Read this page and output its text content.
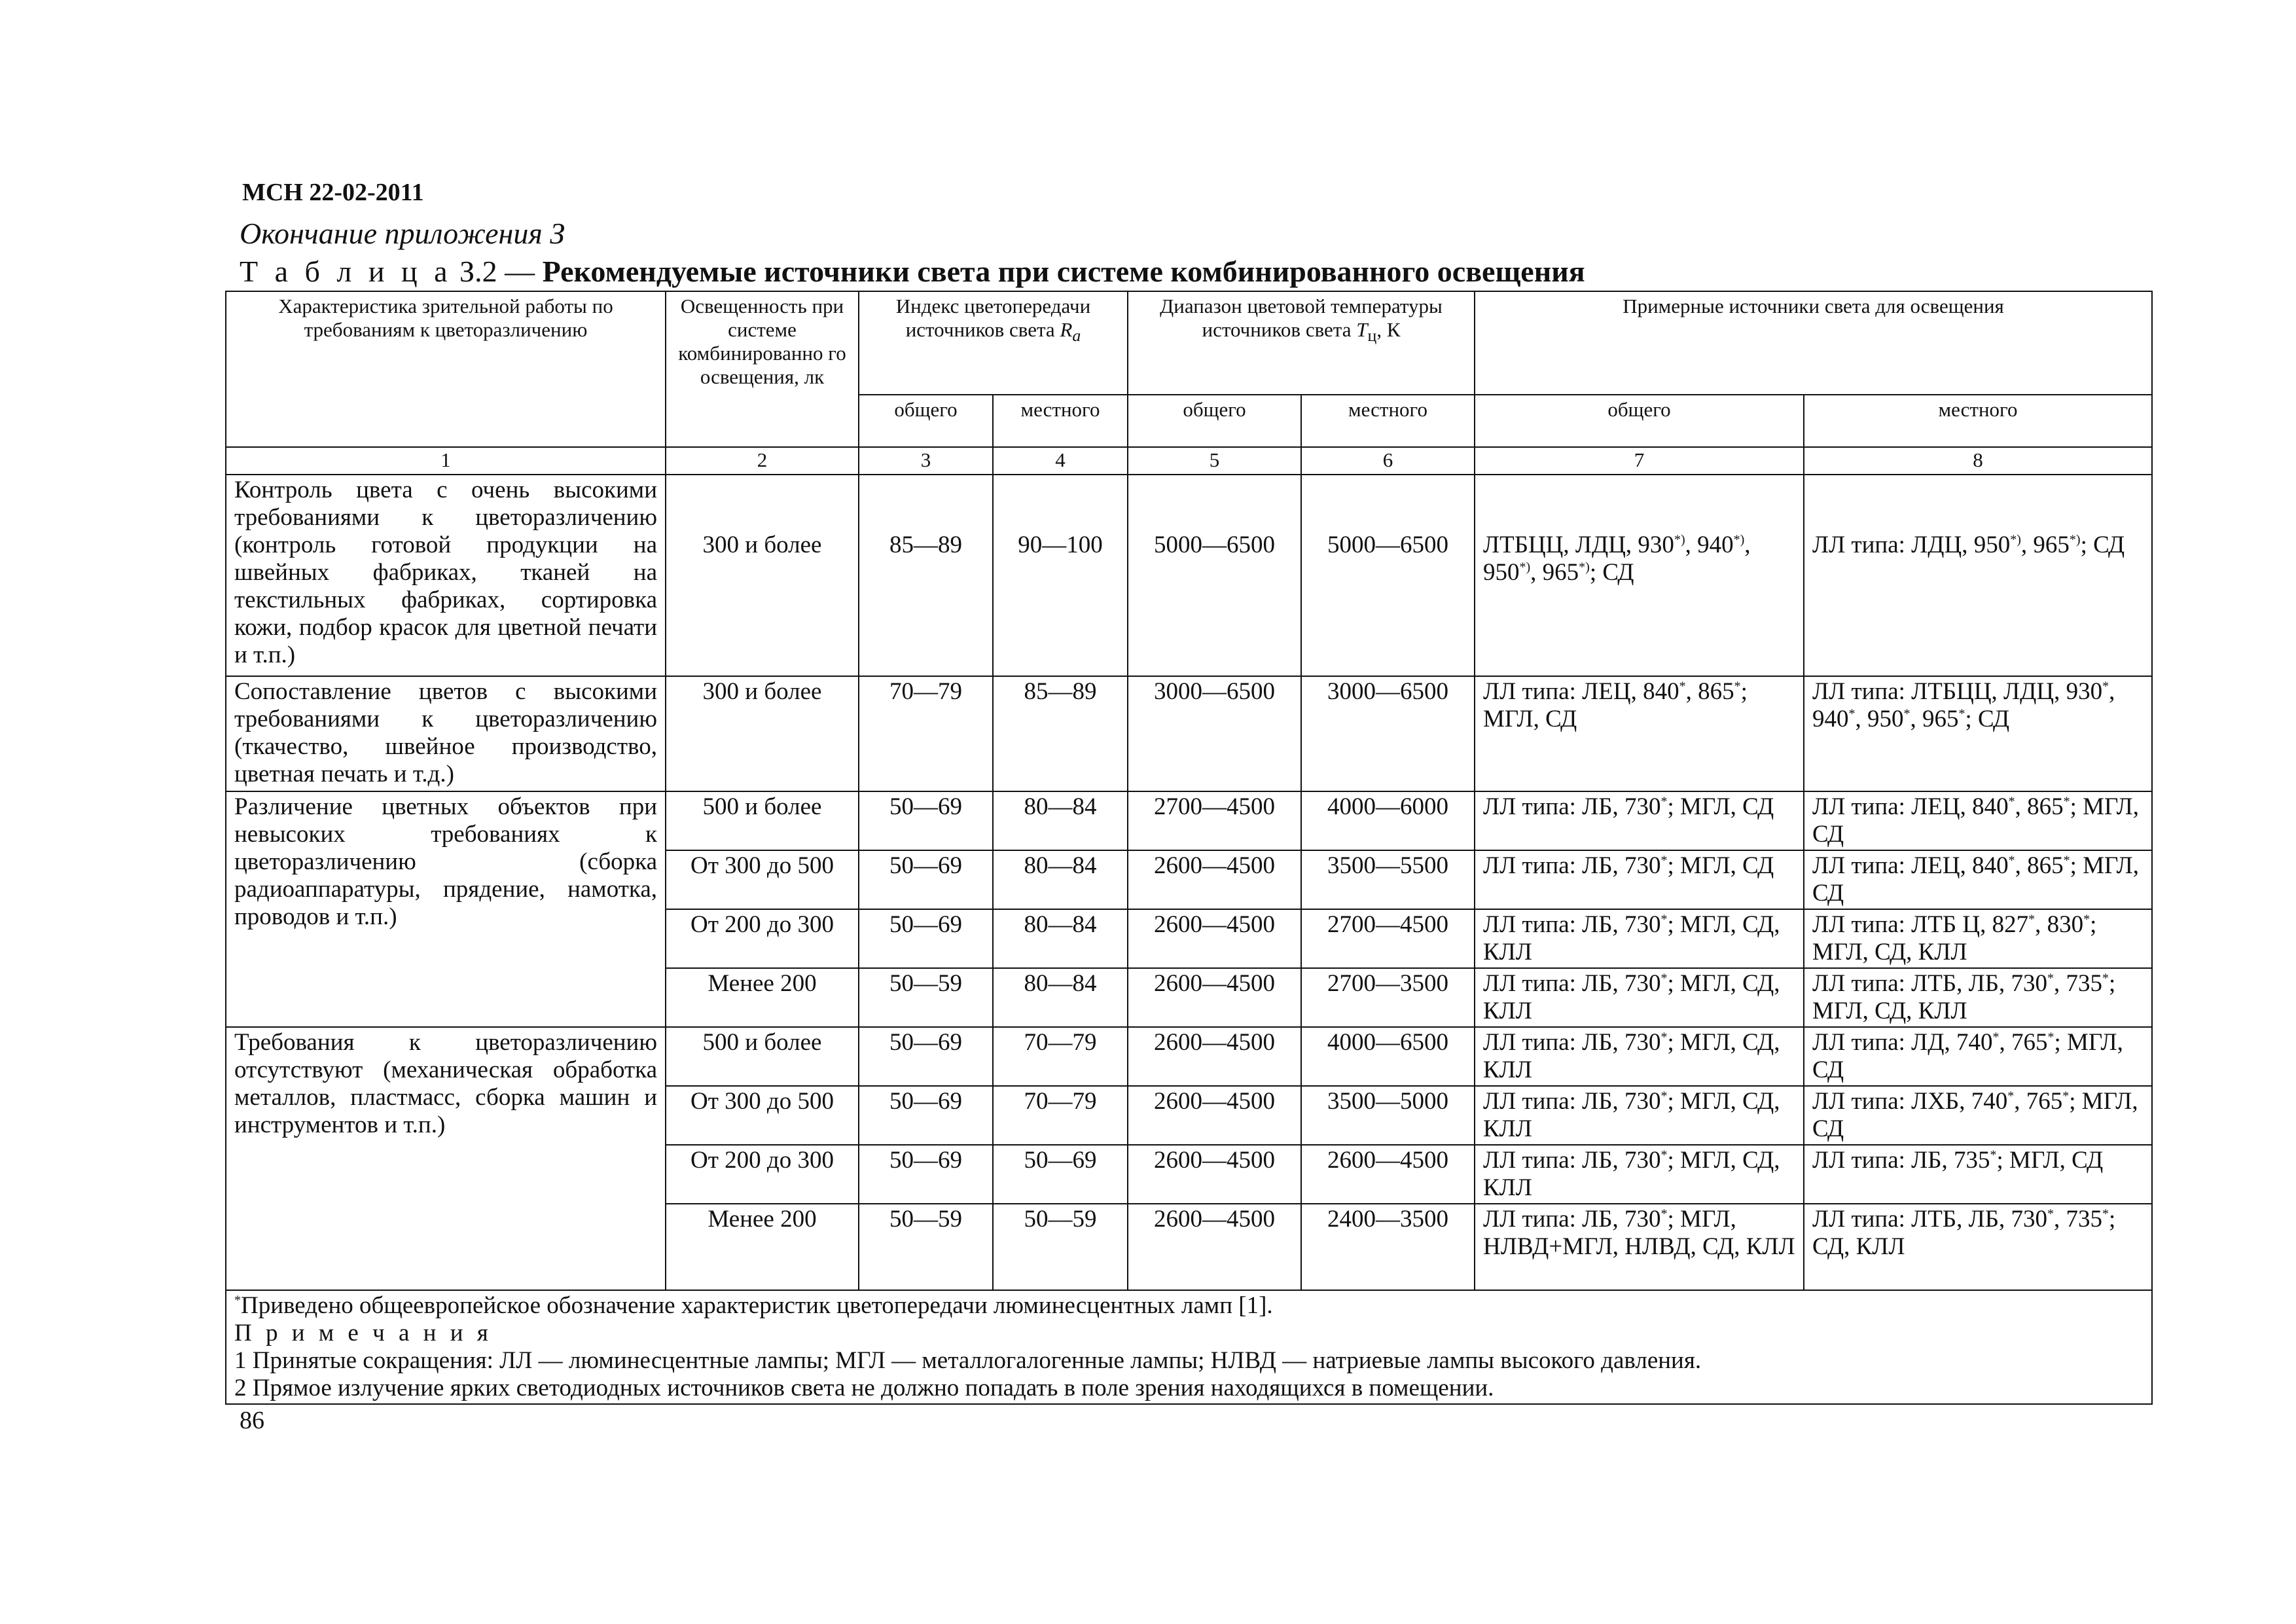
МСН 22-02-2011
Окончание приложения З
Т а б л и ц а З.2 — Рекомендуемые источники света при системе комбинированного освещения
Характеристика зрительной работы по требованиям к цветоразличению	Освещенность при системе комбинированно го освещения, лк	Индекс цветопередачи источников света $R_a$		Диапазон цветовой температуры источников света $T_ц$, К		Примерные источники света для освещения	
		общего	местного	общего	местного	общего	местного
1	2	3	4	5	6	7	8
Контроль цвета с очень высокими требованиями к цветоразличению (контроль готовой продукции на швейных фабриках, тканей на текстильных фабриках, сортировка кожи, подбор красок для цветной печати и т.п.)	300 и более	85—89	90—100	5000—6500	5000—6500	ЛТБЦЦ, ЛДЦ, 930*), 940*), 950*), 965*); СД	ЛЛ типа: ЛДЦ, 950*), 965*); СД
Сопоставление цветов с высокими требованиями к цветоразличению (ткачество, швейное производство, цветная печать и т.д.)	300 и более	70—79	85—89	3000—6500	3000—6500	ЛЛ типа: ЛЕЦ, 840*, 865*; МГЛ, СД	ЛЛ типа: ЛТБЦЦ, ЛДЦ, 930*, 940*, 950*, 965*; СД
Различение цветных объектов при невысоких требованиях к цветоразличению (сборка радиоаппаратуры, прядение, намотка, проводов и т.п.)	500 и более	50—69	80—84	2700—4500	4000—6000	ЛЛ типа: ЛБ, 730*; МГЛ, СД	ЛЛ типа: ЛЕЦ, 840*, 865*; МГЛ, СД
	От 300 до 500	50—69	80—84	2600—4500	3500—5500	ЛЛ типа: ЛБ, 730*; МГЛ, СД	ЛЛ типа: ЛЕЦ, 840*, 865*; МГЛ, СД
	От 200 до 300	50—69	80—84	2600—4500	2700—4500	ЛЛ типа: ЛБ, 730*; МГЛ, СД, КЛЛ	ЛЛ типа: ЛТБ Ц, 827*, 830*; МГЛ, СД, КЛЛ
	Менее 200	50—59	80—84	2600—4500	2700—3500	ЛЛ типа: ЛБ, 730*; МГЛ, СД, КЛЛ	ЛЛ типа: ЛТБ, ЛБ, 730*, 735*; МГЛ, СД, КЛЛ
Требования к цветоразличению отсутствуют (механическая обработка металлов, пластмасс, сборка машин и инструментов и т.п.)	500 и более	50—69	70—79	2600—4500	4000—6500	ЛЛ типа: ЛБ, 730*; МГЛ, СД, КЛЛ	ЛЛ типа: ЛД, 740*, 765*; МГЛ, СД
	От 300 до 500	50—69	70—79	2600—4500	3500—5000	ЛЛ типа: ЛБ, 730*; МГЛ, СД, КЛЛ	ЛЛ типа: ЛХБ, 740*, 765*; МГЛ, СД
	От 200 до 300	50—69	50—69	2600—4500	2600—4500	ЛЛ типа: ЛБ, 730*; МГЛ, СД, КЛЛ	ЛЛ типа: ЛБ, 735*; МГЛ, СД
	Менее 200	50—59	50—59	2600—4500	2400—3500	ЛЛ типа: ЛБ, 730*; МГЛ, НЛВД+МГЛ, НЛВД, СД, КЛЛ	ЛЛ типа: ЛТБ, ЛБ, 730*, 735*; СД, КЛЛ

*Приведено общеевропейское обозначение характеристик цветопередачи люминесцентных ламп [1].
П р и м е ч а н и я
1 Принятые сокращения: ЛЛ — люминесцентные лампы; МГЛ — металлогалогенные лампы; НЛВД — натриевые лампы высокого давления.
2 Прямое излучение ярких светодиодных источников света не должно попадать в поле зрения находящихся в помещении.							
86
